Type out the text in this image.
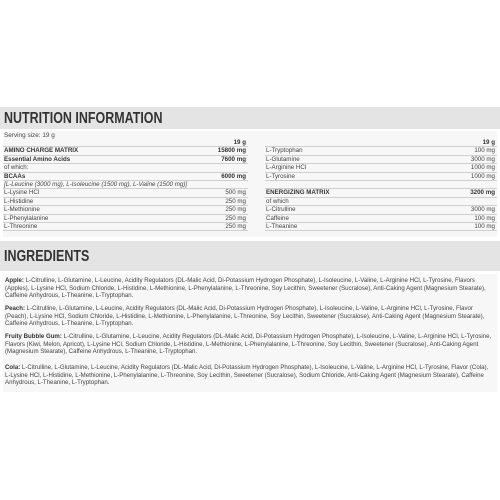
NUTRITION INFORMATION
Serving size: 19 g
19 g
AMINO CHARGE MATRIX	15800 mg
Essential Amino Acids	7600 mg
of which:
BCAAs	6000 mg
[L-Leucine (3000 mg), L-Isoleucine (1500 mg), L-Valine (1500 mg)]
L-Lysine HCl	500 mg
L-Histidine	250 mg
L-Methionine	250 mg
L-Phenylalanine	250 mg
L-Threonine	250 mg
19 g
L-Tryptophan	100 mg
L-Glutamine	3000 mg
L-Arginine HCl	1000 mg
L-Tyrosine	1000 mg
ENERGIZING MATRIX	3200 mg
of which
L-Citrulline	3000 mg
Caffeine	100 mg
L-Theanine	100 mg
INGREDIENTS
Apple: L-Citrulline, L-Glutamine, L-Leucine, Acidity Regulators (DL-Malic Acid, Di-Potassium Hydrogen Phosphate), L-Isoleucine, L-Valine, L-Arginine HCl, L-Tyrosine, Flavors (Apples), L-Lysine HCl, Sodium Chloride, L-Histidine, L-Methionine, L-Phenylalanine, L-Threonine, Soy Lecithin, Sweetener (Sucralose), Anti-Caking Agent (Magnesium Stearate), Caffeine Anhydrous, L-Theanine, L-Tryptophan.
Peach: L-Citrulline, L-Glutamine, L-Leucine, Acidity Regulators (DL-Malic Acid, Di-Potassium Hydrogen Phosphate), L-Isoleucine, L-Valine, L-Arginine HCl, L-Tyrosine, Flavor (Peach), L-Lysine HCl, Sodium Chloride, L-Histidine, L-Methionine, L-Phenylalanine, L-Threonine, Soy Lecithin, Sweetener (Sucralose), Anti-Caking Agent (Magnesium Stearate), Caffeine Anhydrous, L-Theanine, L-Tryptophan.
Fruity Bubble Gum: L-Citrulline, L-Glutamine, L-Leucine, Acidity Regulators (DL-Malic Acid, Di-Potassium Hydrogen Phosphate), L-Isoleucine, L-Valine, L-Arginine HCl, L-Tyrosine, Flavors (Kiwi, Melon, Apricot), L-Lysine HCl, Sodium Chloride, L-Histidine, L-Methionine, L-Phenylalanine, L-Threonine, Soy Lecithin, Sweetener (Sucralose), Anti-Caking Agent (Magnesium Stearate), Caffeine Anhydrous, L-Theanine, L-Tryptophan.
Cola: L-Citrulline, L-Glutamine, L-Leucine, Acidity Regulators (DL-Malic Acid, Di-Potassium Hydrogen Phosphate), L-Isoleucine, L-Valine, L-Arginine HCl, L-Tyrosine, Flavor (Cola), L-Lysine HCl, L-Histidine, L-Methionine, L-Phenylalanine, L-Threonine, Soy Lecithin, Sweetener (Sucralose), Sodium Chloride, Anti-Caking Agent (Magnesium Stearate), Caffeine Anhydrous, L-Theanine, L-Tryptophan.
